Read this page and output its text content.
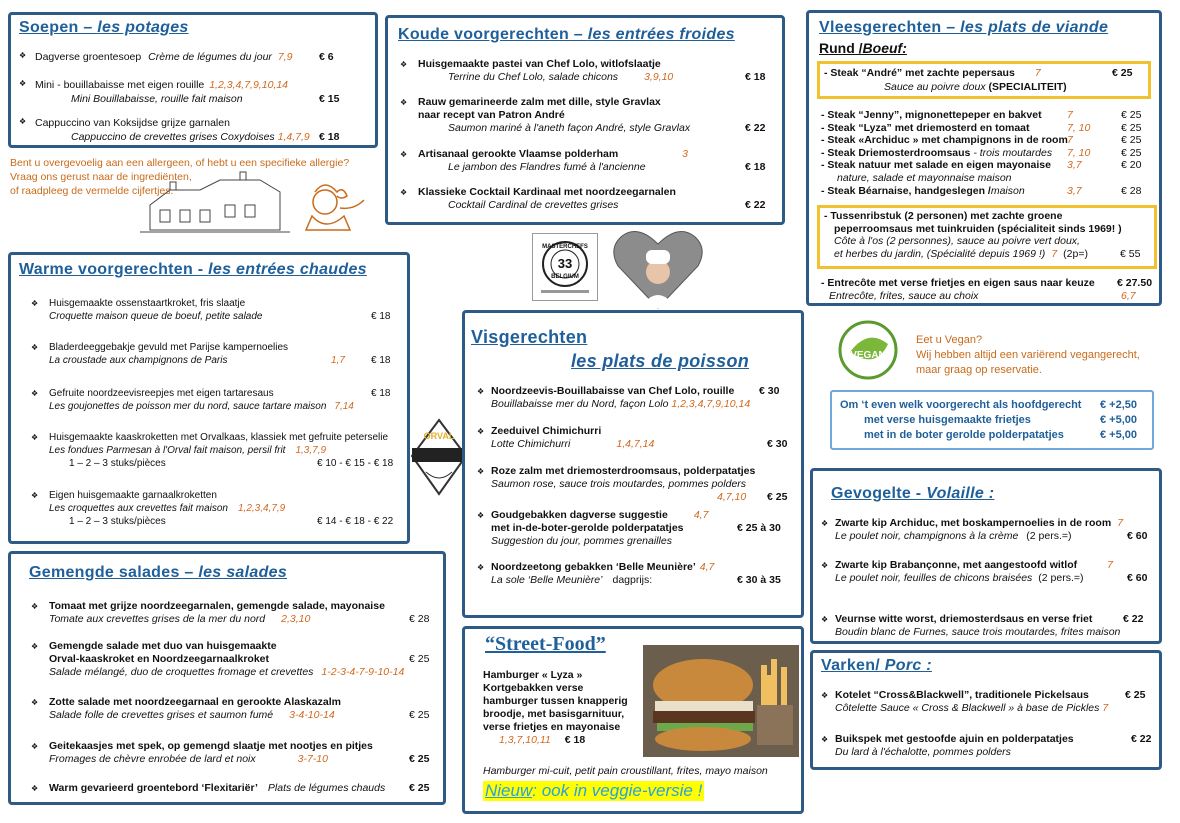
Soepen – les potages
❖ Dagverse groentesoep Crème de légumes du jour 7,9	€ 6
❖ Mini - bouillabaisse met eigen rouille 1,2,3,4,7,9,10,14
Mini Bouillabaisse, rouille fait maison	€ 15
❖ Cappuccino van Koksijdse grijze garnalen
Cappuccino de crevettes grises Coxydoises 1,4,7,9 € 18
Bent u overgevoelig aan een allergeen, of hebt u een specifieke allergie?
Vraag ons gerust naar de ingrediënten,
of raadpleeg de vermelde cijfertjes.
Koude voorgerechten – les entrées froides
❖ Huisgemaakte pastei van Chef Lolo, witlofslaatje
Terrine du Chef Lolo, salade chicons 3,9,10	€ 18
❖ Rauw gemarineerde zalm met dille, style Gravlax
naar recept van Patron André
Saumon mariné à l'aneth façon André, style Gravlax	€ 22
❖ Artisanaal gerookte Vlaamse polderham	3
Le jambon des Flandres fumé à l'ancienne	€ 18
❖ Klassieke Cocktail Kardinaal met noordzeegarnalen
Cocktail Cardinal de crevettes grises	€ 22
MASTERCHEFS
33
BELGIUM
Vleesgerechten – les plats de viande
Rund /Boeuf:
- Steak “André” met zachte pepersaus 7	€ 25
Sauce au poivre doux (SPECIALITEIT)
- Steak “Jenny”, mignonettepeper en bakvet 7	€ 25
- Steak “Lyza” met driemosterd en tomaat	7, 10	€ 25
- Steak «Archiduc » met champignons in de room 7	€ 25
- Steak Driemosterdroomsaus - trois moutardes 7, 10	€ 25
- Steak natuur met salade en eigen mayonaise 3,7	€ 20
nature, salade et mayonnaise maison
- Steak Béarnaise, handgeslegen /maison	3,7	€ 28
- Tussenribstuk (2 personen) met zachte groene
peperroomsaus met tuinkruiden (spécialiteit sinds 1969! )
Côte à l'os (2 personnes), sauce au poivre vert doux,
et herbes du jardin, (Spécialité depuis 1969 !) 7 (2p=)	€ 55
- Entrecôte met verse frietjes en eigen saus naar keuze € 27.50
Entrecôte, frites, sauce au choix	6,7
VEGAN
Eet u Vegan?
Wij hebben altijd een variërend vegangerecht,
maar graag op reservatie.
Om ‘t even welk voorgerecht als hoofdgerecht € +2,50
met verse huisgemaakte frietjes	€ +5,00
met in de boter gerolde polderpatatjes	€ +5,00
Warme voorgerechten - les entrées chaudes
❖ Huisgemaakte ossenstaartkroket, fris slaatje
Croquette maison queue de boeuf, petite salade	€ 18
❖ Bladerdeeggebakje gevuld met Parijse kampernoelies
La croustade aux champignons de Paris	1,7	€ 18
❖ Gefruite noordzeevisreepjes met eigen tartaresaus
Les goujonettes de poisson mer du nord, sauce tartare maison 7,14
€ 18
❖ Huisgemaakte kaaskroketten met Orvalkaas, klassiek met gefruite peterselie
Les fondues Parmesan à l'Orval fait maison, persil frit 1,3,7,9
1 – 2 – 3 stuks/pièces	€ 10 - € 15 - € 18
❖ Eigen huisgemaakte garnaalkroketten
Les croquettes aux crevettes fait maison 1,2,3,4,7,9
1 – 2 – 3 stuks/pièces	€ 14 - € 18 - € 22
ORVAL
Visgerechten
les plats de poisson
❖ Noordzeevis-Bouillabaisse van Chef Lolo, rouille € 30
Bouillabaisse mer du Nord, façon Lolo 1,2,3,4,7,9,10,14
❖ Zeeduivel Chimichurri
Lotte Chimichurri	1,4,7,14	€ 30
❖ Roze zalm met driemosterdroomsaus, polderpatatjes
Saumon rose, sauce trois moutardes, pommes polders
4,7,10 € 25
❖ Goudgebakken dagverse suggestie 4,7
met in-de-boter-gerolde polderpatatjes
Suggestion du jour, pommes grenailles
€ 25 à 30
❖ Noordzeetong gebakken ‘Belle Meunière’ 4,7
La sole ‘Belle Meunière’ dagprijs:	€ 30 à 35
“Street-Food”
Hamburger « Lyza »
Kortgebakken verse
hamburger tussen knapperig
broodje, met basisgarnituur,
verse frietjes en mayonaise
1,3,7,10,11 € 18
Hamburger mi-cuit, petit pain croustillant, frites, mayo maison
Nieuw: ook in veggie-versie !
Gemengde salades – les salades
❖ Tomaat met grijze noordzeegarnalen, gemengde salade, mayonaise
Tomate aux crevettes grises de la mer du nord 2,3,10	€ 28
❖ Gemengde salade met duo van huisgemaakte
Orval-kaaskroket en Noordzeegarnaalkroket
Salade mélangé, duo de croquettes fromage et crevettes 1-2-3-4-7-9-10-14
€ 25
❖ Zotte salade met noordzeegarnaal en gerookte Alaskazalm
Salade folle de crevettes grises et saumon fumé 3-4-10-14	€ 25
❖ Geitekaasjes met spek, op gemengd slaatje met nootjes en pitjes
Fromages de chèvre enrobée de lard et noix	3-7-10	€ 25
❖ Warm gevarieerd groentebord ‘Flexitariër’ Plats de légumes chauds € 25
Gevogelte - Volaille :
❖ Zwarte kip Archiduc, met boskampernoelies in de room 7
Le poulet noir, champignons à la crème (2 pers.=)	€ 60
❖ Zwarte kip Brabançonne, met aangestoofd witlof	7
Le poulet noir, feuilles de chicons braisées (2 pers.=)	€ 60
❖ Veurnse witte worst, driemosterdsaus en verse friet	€ 22
Boudin blanc de Furnes, sauce trois moutardes, frites maison
Varken/ Porc :
❖ Kotelet “Cross&Blackwell”, traditionele Pickelsaus	€ 25
Côtelette Sauce « Cross & Blackwell » à base de Pickles 7
❖ Buikspek met gestoofde ajuin en polderpatatjes	€ 22
Du lard à l'échalotte, pommes polders
